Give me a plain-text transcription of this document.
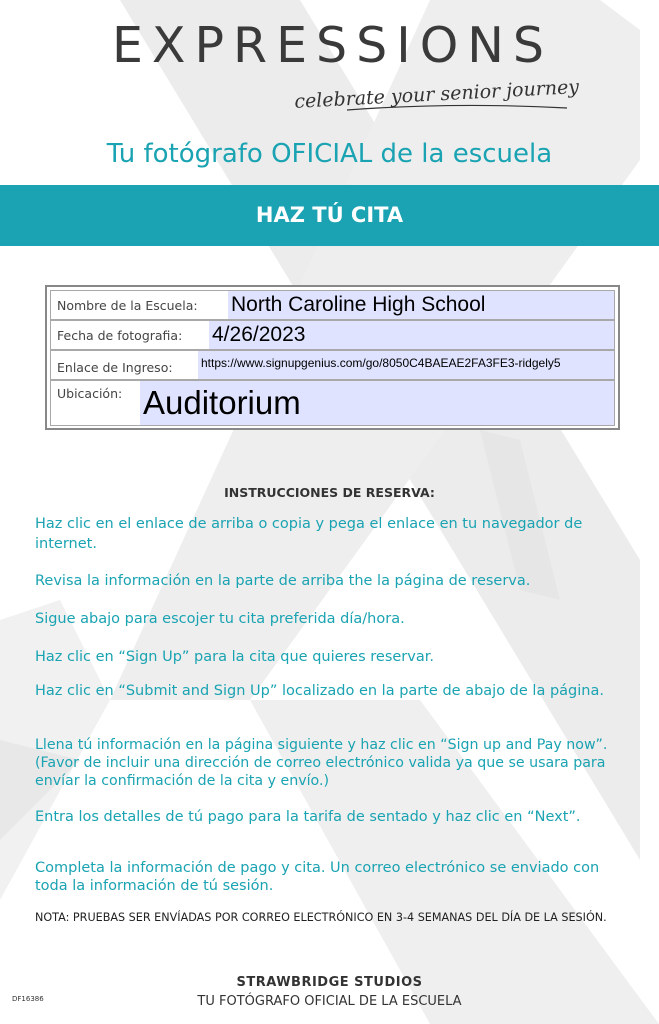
EXPRESSIONS
celebrate your senior journey
Tu fotógrafo OFICIAL de la escuela
HAZ TÚ CITA
Nombre de la Escuela: North Caroline High School
Fecha de fotografia: 4/26/2023
Enlace de Ingreso: https://www.signupgenius.com/go/8050C4BAEAE2FA3FE3-ridgely5
Ubicación: Auditorium
INSTRUCCIONES DE RESERVA:
Haz clic en el enlace de arriba o copia y pega el enlace en tu navegador de internet.
Revisa la información en la parte de arriba the la página de reserva.
Sigue abajo para escojer tu cita preferida día/hora.
Haz clic en “Sign Up” para la cita que quieres reservar.
Haz clic en “Submit and Sign Up” localizado en la parte de abajo de la página.
Llena tú información en la página siguiente y haz clic en “Sign up and Pay now”. (Favor de incluir una dirección de correo electrónico valida ya que se usara para envíar la confirmación de la cita y envío.)
Entra los detalles de tú pago para la tarifa de sentado y haz clic en “Next”.
Completa la información de pago y cita. Un correo electrónico se enviado con toda la información de tú sesión.
NOTA: PRUEBAS SER ENVÍADAS POR CORREO ELECTRÓNICO EN 3-4 SEMANAS DEL DÍA DE LA SESIÓN.
DF16386
STRAWBRIDGE STUDIOS
TU FOTÓGRAFO OFICIAL DE LA ESCUELA
